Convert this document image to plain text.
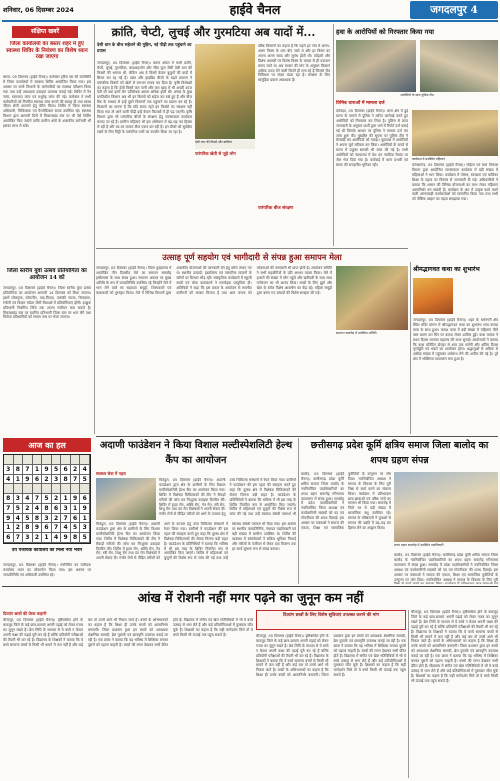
शनिवार, 06 दिसम्बर 2024	हाईवे चैनल	जगदलपुर 4
संक्षिप्त खबरें
जिला कार्यालयों का बस्तर शहर में हुए स्वास्थ्य शिविर के नियंत्रण का विशेष ध्यान रखा जाएगा
बस्तर, 05 दिसम्बर (हाईवे चैनल)। कलेक्टर हरिस एस की उपस्थिति में जिला कार्यालयों में स्वास्थ्य शिविर आयोजित किया गया। इस अवसर पर सभी विभागों के कर्मचारियों का स्वास्थ्य परीक्षण किया गया तथा उन्हें आवश्यक दवाइयां उपलब्ध कराई गईं। शिविर में नेत्र जांच, रक्तचाप जांच एवं मधुमेह जांच की गई। कलेक्टर ने सभी कर्मचारियों को नियमित स्वास्थ्य जांच कराने की सलाह दी तथा स्वस्थ जीवन शैली अपनाने हेतु प्रेरित किया। शिविर में जिला स्वास्थ्य अधिकारी, चिकित्सक एवं पैरामेडिकल स्टाफ उपस्थित रहे। स्वास्थ्य विभाग द्वारा आगामी दिनों में विकासखंड स्तर पर भी ऐसे शिविर आयोजित किए जाएंगे ताकि ग्रामीण क्षेत्रों के शासकीय कर्मचारी भी इसका लाभ ले सकें।
जिला स्तरीय युवा उत्सव प्रतियोगिता का आयोजन 14 को
जगदलपुर, 05 दिसम्बर (हाईवे चैनल)। जिला स्तरीय युवा उत्सव प्रतियोगिता का आयोजन आगामी 14 दिसम्बर को किया जाएगा। इसमें लोकनृत्य, लोकगीत, वाद-विवाद, एकांकी नाटक, चित्रकला, रंगोली एवं विज्ञान मॉडल जैसी विधाओं में प्रतियोगिताएं होंगी। इच्छुक प्रतिभागी निर्धारित तिथि तक अपना पंजीयन करा सकते हैं। विकासखंड स्तर पर चयनित प्रतिभागी जिला स्तर पर भाग लेंगे तथा विजेता प्रतिभागियों को संभाग स्तर पर भेजा जाएगा।
क्रांति, चेप्टी, लुचई और गुरमटिया अब यादों में...
देसी धान के बीज सहेजने की मुहिम, नई पीढ़ी तक पहुंचाने का प्रयास
जगदलपुर, 05 दिसम्बर (हाईवे चैनल)। बस्तर अंचल में कभी क्रांति, चेप्टी, लुचई, गुरमटिया, बादशाहभोग और जीरा फूल जैसी देसी धान की किस्मों की भरमार थी, लेकिन अब ये किस्में केवल बुजुर्गों की यादों में सिमट कर रह गई हैं। उन्नत और हाइब्रिड बीजों के बढ़ते प्रचलन ने पारंपरिक किस्मों को खेतों से लगभग गायब कर दिया है। कृषि विशेषज्ञों का कहना है कि देसी किस्में कम पानी और कम खाद में भी अच्छी उपज देती थीं तथा इनमें रोग प्रतिरोधक क्षमता अधिक होती थी। अंचल के कुछ प्रगतिशील किसान अब भी इन किस्मों को सहेज कर रखे हुए हैं और बीज बैंक के माध्यम से इन्हें दूसरे किसानों तक पहुंचाने का प्रयास कर रहे हैं। किसानों का मानना है कि यदि समय रहते इन किस्मों का संरक्षण नहीं किया गया तो आने वाली पीढ़ी इन्हें केवल किताबों में ही पढ़ पाएगी। कृषि विभाग द्वारा भी पारंपरिक बीजों के संरक्षण हेतु जागरूकता कार्यक्रम चलाए जा रहे हैं। ग्रामीण महिलाएं भी इस अभियान में बढ़-चढ़ कर हिस्सा ले रही हैं और घर-घर जाकर बीज एकत्र कर रही हैं। इन बीजों को सुरक्षित रखने के लिए मिट्टी के पारंपरिक पात्रों का उपयोग किया जा रहा है।
देसी धान की किस्में और बालियां
पारंपरिक खेती से जुड़े लोग
वरिष्ठ किसानों का कहना है कि पहले हर गांव में अलग-अलग किस्म के धान बोए जाते थे और हर किस्म का अपना अलग स्वाद और सुगंध होती थी। त्योहारों और विशेष अवसरों पर विशेष किस्म के चावल से ही पकवान बनाए जाते थे। अब बाजार की मांग के अनुसार किसान अधिक उपज देने वाली किस्में ही लगा रहे हैं जिससे जैव विविधता पर संकट मंडरा रहा है। संरक्षण के लिए सामूहिक प्रयास आवश्यक हैं।
पारंपरिक बीज संरक्षण
हवा के आरोपियों को गिरफ्तार किया गया
आरोपियों के साथ पुलिस टीम
विभिन्न धाराओं में मामला दर्ज
दंतेवाड़ा, 05 दिसम्बर (हाईवे चैनल)। थाना क्षेत्र में हुई घटना के मामले में पुलिस ने त्वरित कार्रवाई करते हुए आरोपियों को गिरफ्तार कर लिया है। पुलिस से प्राप्त जानकारी के अनुसार प्रार्थी द्वारा थाने में रिपोर्ट दर्ज कराई गई थी जिसके आधार पर पुलिस ने मामला दर्ज कर जांच शुरू की। मुखबिर की सूचना पर पुलिस टीम ने घेराबंदी कर आरोपियों को पकड़ा। पूछताछ में आरोपियों ने अपना जुर्म स्वीकार कर लिया। आरोपियों के कब्जे से घटना में प्रयुक्त सामग्री भी जब्त की गई है। सभी आरोपियों को न्यायालय में पेश कर न्यायिक रिमांड पर जेल भेज दिया गया है। कार्रवाई में थाना प्रभारी एवं स्टाफ की सराहनीय भूमिका रही।
कार्यक्रम में उपस्थित महिलाएं
कोण्डागांव, 05 दिसम्बर (हाईवे चैनल)। महिला एवं बाल विकास विभाग द्वारा आयोजित जागरूकता कार्यक्रम में बड़ी संख्या में महिलाओं ने भाग लिया। कार्यक्रम में पोषण, स्वच्छता एवं बालिका शिक्षा के महत्व पर विस्तार से जानकारी दी गई। अधिकारियों ने बताया कि शासन की विभिन्न योजनाओं का लाभ लेकर महिलाएं आत्मनिर्भर बन सकती हैं। कार्यक्रम के अंत में उत्कृष्ट कार्य करने वाली आंगनबाड़ी कार्यकर्ताओं को सम्मानित किया गया तथा सभी को पौष्टिक आहार का महत्व समझाया गया।
उत्साह पूर्ण सहयोग एवं भागीदारी से संपन्न हुआ समापन मेला
जगदलपुर, 05 दिसम्बर (हाईवे चैनल)। जिला मुख्यालय में आयोजित तीन दिवसीय मेले का समापन समारोह हर्षोल्लास के साथ संपन्न हुआ। समापन अवसर पर मुख्य अतिथि के रूप में जनप्रतिनिधि उपस्थित रहे जिन्होंने मेले में भाग लेने वाले स्व सहायता समूहों, शिल्पकारों एवं कलाकारों को पुरस्कृत किया। मेले में विभिन्न विभागों द्वारा शासकीय योजनाओं की जानकारी देने हेतु स्टॉल लगाए गए थे। स्थानीय उत्पादों, हस्तशिल्प एवं पारंपरिक व्यंजनों के स्टॉलों पर दिनभर भीड़ रही। सांस्कृतिक कार्यक्रमों में स्कूली बच्चों एवं लोक कलाकारों ने मनमोहक प्रस्तुतियां दीं। अतिथियों ने कहा कि इस प्रकार के आयोजन से स्थानीय कारीगरों को बाजार मिलता है तथा आम जनता को योजनाओं की जानकारी भी प्राप्त होती है। आयोजन समिति ने सभी सहयोगियों के प्रति आभार व्यक्त किया। मेले में हजारों की संख्या में लोग पहुंचे और खरीदारी के साथ साथ मनोरंजन का भी आनंद लिया। बच्चों के लिए झूले और खेल के स्टॉल विशेष आकर्षण का केंद्र रहे। महिला समूहों द्वारा बनाए गए उत्पादों की विशेष सराहना की गई।
समापन समारोह में उपस्थित अतिथि
श्रीमद्भागवत कथा का शुभारंभ
जगदलपुर, 05 दिसम्बर (हाईवे चैनल)। शहर के धर्मनगरी क्षेत्र स्थित मंदिर प्रांगण में श्रीमद्भागवत कथा का शुभारंभ भव्य कलश यात्रा के साथ हुआ। कलश यात्रा में बड़ी संख्या में महिलाएं पीले वस्त्र धारण कर सिर पर कलश लेकर शामिल हुईं। कथा वाचक ने प्रथम दिवस भागवत महात्म्य की कथा सुनाई। आयोजकों ने बताया कि कथा प्रतिदिन दोपहर से शाम तक चलेगी और अंतिम दिवस पूर्णाहुति एवं भंडारे का आयोजन होगा। श्रद्धालुओं से अधिक से अधिक संख्या में पहुंचकर धर्मलाभ लेने की अपील की गई है। पूरे क्षेत्र में भक्तिमय वातावरण बना हुआ है।
आज का हल
3 8 7 1 9 5 6 2 4
4 1 9 6 2 3 8 7 5
8 3 4 7 5 2 1 9 6
7 5 2 4 8 6 3 1 9
9 4 5 8 3 2 7 6 1
1 2 8 9 6 7 4 5 3
6 7 3 2 1 4 9 8 5
उप पंजीयक कार्यालय को मिला नया भवन
जगदलपुर, 05 दिसम्बर (हाईवे चैनल)। नवनिर्मित उप पंजीयक कार्यालय भवन का लोकार्पण किया गया। इस अवसर पर जनप्रतिनिधि एवं अधिकारी उपस्थित रहे।
अदाणी फाउंडेशन ने किया विशाल मल्टीस्पेशलिटी हेल्थ कैंप का आयोजन
स्वास्थ्य सेवा में पहल
किरंदुल, 05 दिसम्बर (हाईवे चैनल)। अदाणी फाउंडेशन द्वारा क्षेत्र के ग्रामीणों के लिए विशाल मल्टीस्पेशलिटी हेल्थ कैंप का आयोजन किया गया। शिविर में विशेषज्ञ चिकित्सकों की टीम ने सैकड़ों मरीजों की जांच कर निःशुल्क दवाइयां वितरित कीं। शिविर में हृदय रोग, अस्थि रोग, नेत्र रोग, स्त्री रोग, शिशु रोग तथा दंत रोग विशेषज्ञों ने अपनी सेवाएं दीं। गंभीर रोगों से पीड़ित मरीजों को आगे के उपचार हेतु उच्च चिकित्सा संस्थानों में रेफर किया गया। ग्रामीणों ने फाउंडेशन की इस पहल की सराहना करते हुए कहा कि दूरस्थ क्षेत्र में विशेषज्ञ चिकित्सकों की सेवाएं मिलना बड़ी राहत है। फाउंडेशन के प्रतिनिधियों ने बताया कि भविष्य में भी इस तरह के शिविर नियमित रूप से आयोजित किए जाएंगे। शिविर में महिलाओं एवं बुजुर्गों की विशेष रूप से जांच की गई तथा उन्हें स्वास्थ्य संबंधी परामर्श भी दिया गया। इस अवसर पर स्थानीय जनप्रतिनिधि, पंचायत पदाधिकारी एवं बड़ी संख्या में ग्रामीण उपस्थित थे। शिविर की व्यवस्था में स्वयंसेवकों ने सक्रिय भूमिका निभाई और मरीजों के पंजीयन से लेकर दवा वितरण तक हर कार्य सुचारू रूप से संपन्न कराया।
किरंदुल, 05 दिसम्बर (हाईवे चैनल)। अदाणी फाउंडेशन द्वारा क्षेत्र के ग्रामीणों के लिए विशाल मल्टीस्पेशलिटी हेल्थ कैंप का आयोजन किया गया। शिविर में विशेषज्ञ चिकित्सकों की टीम ने सैकड़ों मरीजों की जांच कर निःशुल्क दवाइयां वितरित कीं। शिविर में हृदय रोग, अस्थि रोग, नेत्र रोग, स्त्री रोग, शिशु रोग तथा दंत रोग विशेषज्ञों ने अपनी सेवाएं दीं। गंभीर रोगों से पीड़ित मरीजों को आगे के उपचार हेतु उच्च चिकित्सा संस्थानों में रेफर किया गया। ग्रामीणों ने फाउंडेशन की इस पहल की सराहना करते हुए कहा कि दूरस्थ क्षेत्र में विशेषज्ञ चिकित्सकों की सेवाएं मिलना बड़ी राहत है। फाउंडेशन के प्रतिनिधियों ने बताया कि भविष्य में भी इस तरह के शिविर नियमित रूप से आयोजित किए जाएंगे। शिविर में महिलाओं एवं बुजुर्गों की विशेष रूप से जांच की गई तथा उन्हें स्वास्थ्य संबंधी परामर्श भी
छत्तीसगढ़ प्रदेश कूर्मि क्षत्रिय समाज जिला बालोद का शपथ ग्रहण संपन्न
बालोद, 05 दिसम्बर (हाईवे चैनल)। छत्तीसगढ़ प्रदेश कूर्मि क्षत्रिय समाज जिला बालोद के नवनिर्वाचित पदाधिकारियों का शपथ ग्रहण समारोह गरिमामय वातावरण में संपन्न हुआ। समारोह में प्रदेश पदाधिकारियों ने नवनिर्वाचित जिला अध्यक्ष एवं कार्यकारिणी सदस्यों को पद एवं गोपनीयता की शपथ दिलाई। इस अवसर पर वक्ताओं ने समाज की एकता, शिक्षा एवं सामाजिक कुरीतियों के उन्मूलन पर जोर दिया। नवनिर्वाचित अध्यक्ष ने समाज के विकास के लिए पूरी निष्ठा से कार्य करने का संकल्प लिया। कार्यक्रम में प्रतिभावान छात्र-छात्राओं एवं वरिष्ठ जनों का सम्मान भी किया गया। समारोह में जिले भर से बड़ी संख्या में सामाजिक बंधु उपस्थित रहे। समाज के वरिष्ठजनों ने युवाओं से समाज की उन्नति में बढ़-चढ़ कर हिस्सा लेने का आह्वान किया।
शपथ ग्रहण समारोह में उपस्थित पदाधिकारी
बालोद, 05 दिसम्बर (हाईवे चैनल)। छत्तीसगढ़ प्रदेश कूर्मि क्षत्रिय समाज जिला बालोद के नवनिर्वाचित पदाधिकारियों का शपथ ग्रहण समारोह गरिमामय वातावरण में संपन्न हुआ। समारोह में प्रदेश पदाधिकारियों ने नवनिर्वाचित जिला अध्यक्ष एवं कार्यकारिणी सदस्यों को पद एवं गोपनीयता की शपथ दिलाई। इस अवसर पर वक्ताओं ने समाज की एकता, शिक्षा एवं सामाजिक कुरीतियों के उन्मूलन पर जोर दिया। नवनिर्वाचित अध्यक्ष ने समाज के विकास के लिए पूरी
आंख में रोशनी नहीं मगर पढ़ने का जुनून कम नहीं
दिव्यांग छात्रों की प्रेरक कहानी
बीजापुर, 05 दिसम्बर (हाईवे चैनल)। दृष्टिबाधित होने के बावजूद जिले के कई छात्र-छात्राएं अपनी पढ़ाई को लेकर गजब का जुनून रखते हैं। ब्रेल लिपि के माध्यम से ये बच्चे न केवल अपनी कक्षा की पढ़ाई पूरी कर रहे हैं बल्कि प्रतियोगी परीक्षाओं की तैयारी भी कर रहे हैं। विद्यालय के शिक्षकों ने बताया कि ये बच्चे सामान्य बच्चों से किसी भी मायने में कम नहीं हैं और कई बार तो उनसे आगे भी निकल जाते हैं। बच्चों के अभिभावकों का कहना है कि शिक्षा ही उनके बच्चों को आत्मनिर्भर बनाएगी। जिला प्रशासन द्वारा इन बच्चों को आवश्यक शैक्षणिक सामग्री, ब्रेल पुस्तकें एवं छात्रवृत्ति उपलब्ध कराई जा रही है। एक छात्रा ने बताया कि वह भविष्य में शिक्षिका बनकर दूसरों को पढ़ाना चाहती है। बच्चों की लगन देखकर सभी प्रेरित होते हैं। विद्यालय में संगीत एवं खेल गतिविधियों में भी ये बच्चे उत्साह से भाग लेते हैं और कई प्रतियोगिताओं में पुरस्कार जीत चुके हैं। शिक्षकों का कहना है कि सही मार्गदर्शन मिले तो ये बच्चे किसी भी ऊंचाई तक पहुंच सकते हैं।
दिव्यांग छात्रों के लिए विशेष सुविधाएं उपलब्ध कराने की मांग
बीजापुर, 05 दिसम्बर (हाईवे चैनल)। दृष्टिबाधित होने के बावजूद जिले के कई छात्र-छात्राएं अपनी पढ़ाई को लेकर गजब का जुनून रखते हैं। ब्रेल लिपि के माध्यम से ये बच्चे न केवल अपनी कक्षा की पढ़ाई पूरी कर रहे हैं बल्कि प्रतियोगी परीक्षाओं की तैयारी भी कर रहे हैं। विद्यालय के शिक्षकों ने बताया कि ये बच्चे सामान्य बच्चों से किसी भी मायने में कम नहीं हैं और कई बार तो उनसे आगे भी निकल जाते हैं। बच्चों के अभिभावकों का कहना है कि शिक्षा ही उनके बच्चों को आत्मनिर्भर बनाएगी। जिला प्रशासन द्वारा इन बच्चों को आवश्यक शैक्षणिक सामग्री, ब्रेल पुस्तकें एवं छात्रवृत्ति उपलब्ध कराई जा रही है। एक छात्रा ने बताया कि वह भविष्य में शिक्षिका बनकर दूसरों को पढ़ाना चाहती है। बच्चों की लगन देखकर सभी प्रेरित होते हैं। विद्यालय में संगीत एवं खेल गतिविधियों में भी ये बच्चे उत्साह से भाग लेते हैं और कई प्रतियोगिताओं में पुरस्कार जीत चुके हैं। शिक्षकों का कहना है कि सही मार्गदर्शन मिले तो ये बच्चे किसी भी ऊंचाई तक पहुंच सकते हैं।
बीजापुर, 05 दिसम्बर (हाईवे चैनल)। दृष्टिबाधित होने के बावजूद जिले के कई छात्र-छात्राएं अपनी पढ़ाई को लेकर गजब का जुनून रखते हैं। ब्रेल लिपि के माध्यम से ये बच्चे न केवल अपनी कक्षा की पढ़ाई पूरी कर रहे हैं बल्कि प्रतियोगी परीक्षाओं की तैयारी भी कर रहे हैं। विद्यालय के शिक्षकों ने बताया कि ये बच्चे सामान्य बच्चों से किसी भी मायने में कम नहीं हैं और कई बार तो उनसे आगे भी निकल जाते हैं। बच्चों के अभिभावकों का कहना है कि शिक्षा ही उनके बच्चों को आत्मनिर्भर बनाएगी। जिला प्रशासन द्वारा इन बच्चों को आवश्यक शैक्षणिक सामग्री, ब्रेल पुस्तकें एवं छात्रवृत्ति उपलब्ध कराई जा रही है। एक छात्रा ने बताया कि वह भविष्य में शिक्षिका बनकर दूसरों को पढ़ाना चाहती है। बच्चों की लगन देखकर सभी प्रेरित होते हैं। विद्यालय में संगीत एवं खेल गतिविधियों में भी ये बच्चे उत्साह से भाग लेते हैं और कई प्रतियोगिताओं में पुरस्कार जीत चुके हैं। शिक्षकों का कहना है कि सही मार्गदर्शन मिले तो ये बच्चे किसी भी ऊंचाई तक पहुंच सकते हैं।
